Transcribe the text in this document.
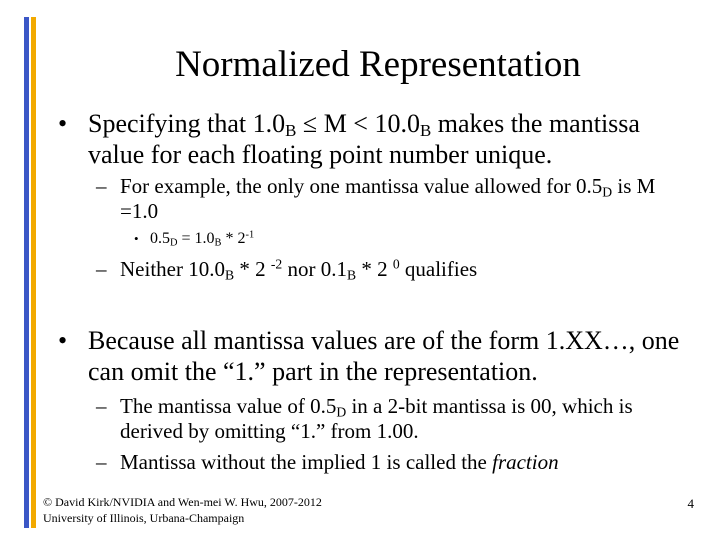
Normalized Representation
• Specifying that $1.0_B \le M < 10.0_B$ makes the mantissa value for each floating point number unique.
– For example, the only one mantissa value allowed for $0.5_D$ is M =1.0
• $0.5_D = 1.0_B * 2^{-1}$
– Neither $10.0_B * 2$ $^{-2}$ nor $0.1_B * 2$ $^0$ qualifies
• Because all mantissa values are of the form 1.XX…, one can omit the “1.” part in the representation.
– The mantissa value of $0.5_D$ in a 2-bit mantissa is 00, which is derived by omitting “1.” from 1.00.
– Mantissa without the implied 1 is called the fraction
© David Kirk/NVIDIA and Wen-mei W. Hwu, 2007-2012
University of Illinois, Urbana-Champaign
4
